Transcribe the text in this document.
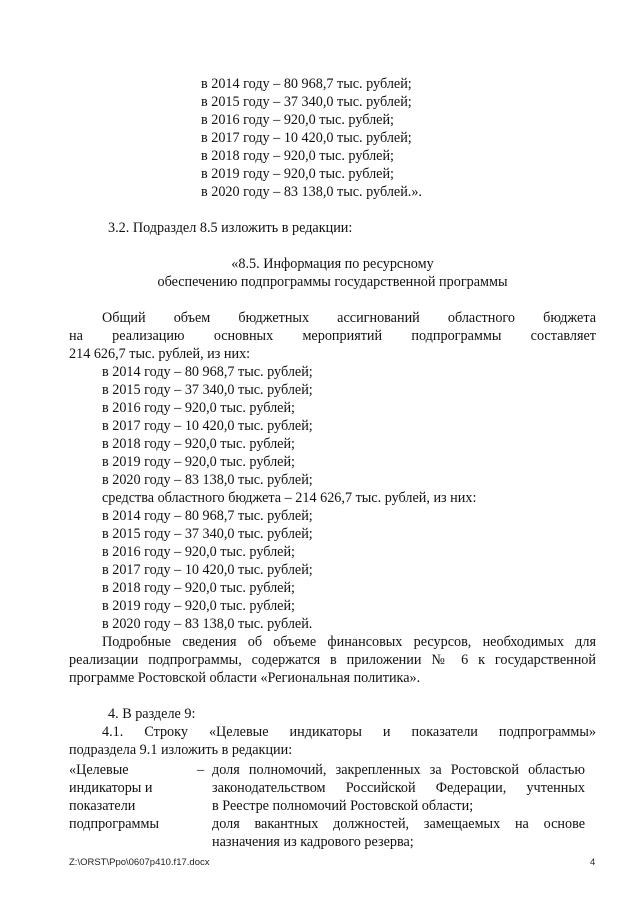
в 2014 году – 80 968,7 тыс. рублей;
в 2015 году – 37 340,0 тыс. рублей;
в 2016 году – 920,0 тыс. рублей;
в 2017 году – 10 420,0 тыс. рублей;
в 2018 году – 920,0 тыс. рублей;
в 2019 году – 920,0 тыс. рублей;
в 2020 году – 83 138,0 тыс. рублей.».
3.2. Подраздел 8.5 изложить в редакции:
«8.5. Информация по ресурсному
обеспечению подпрограммы государственной программы
Общий объем бюджетных ассигнований областного бюджета
на реализацию основных мероприятий подпрограммы составляет
214 626,7 тыс. рублей, из них:
в 2014 году – 80 968,7 тыс. рублей;
в 2015 году – 37 340,0 тыс. рублей;
в 2016 году – 920,0 тыс. рублей;
в 2017 году – 10 420,0 тыс. рублей;
в 2018 году – 920,0 тыс. рублей;
в 2019 году – 920,0 тыс. рублей;
в 2020 году – 83 138,0 тыс. рублей;
средства областного бюджета – 214 626,7 тыс. рублей, из них:
в 2014 году – 80 968,7 тыс. рублей;
в 2015 году – 37 340,0 тыс. рублей;
в 2016 году – 920,0 тыс. рублей;
в 2017 году – 10 420,0 тыс. рублей;
в 2018 году – 920,0 тыс. рублей;
в 2019 году – 920,0 тыс. рублей;
в 2020 году – 83 138,0 тыс. рублей.
Подробные сведения об объеме финансовых ресурсов, необходимых для
реализации подпрограммы, содержатся в приложении № 6 к государственной
программе Ростовской области «Региональная политика».
4. В разделе 9:
4.1. Строку «Целевые индикаторы и показатели подпрограммы»
подраздела 9.1 изложить в редакции:
«Целевые
индикаторы и
показатели
подпрограммы
– доля полномочий, закрепленных за Ростовской областью
законодательством Российской Федерации, учтенных
в Реестре полномочий Ростовской области;
доля вакантных должностей, замещаемых на основе
назначения из кадрового резерва;
Z:\ORST\Ppo\0607p410.f17.docx	4
